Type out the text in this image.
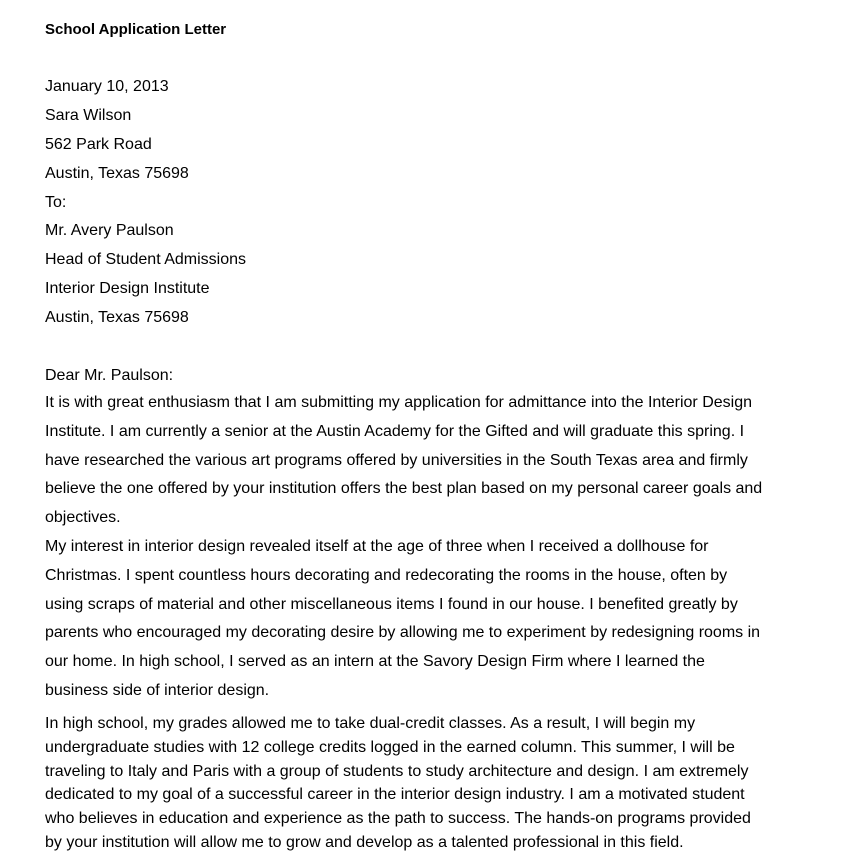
School Application Letter
January 10, 2013
Sara Wilson
562 Park Road
Austin, Texas 75698
To:
Mr. Avery Paulson
Head of Student Admissions
Interior Design Institute
Austin, Texas 75698
Dear Mr. Paulson:
It is with great enthusiasm that I am submitting my application for admittance into the Interior Design
Institute. I am currently a senior at the Austin Academy for the Gifted and will graduate this spring. I
have researched the various art programs offered by universities in the South Texas area and firmly
believe the one offered by your institution offers the best plan based on my personal career goals and
objectives.
My interest in interior design revealed itself at the age of three when I received a dollhouse for
Christmas. I spent countless hours decorating and redecorating the rooms in the house, often by
using scraps of material and other miscellaneous items I found in our house. I benefited greatly by
parents who encouraged my decorating desire by allowing me to experiment by redesigning rooms in
our home. In high school, I served as an intern at the Savory Design Firm where I learned the
business side of interior design.
In high school, my grades allowed me to take dual-credit classes. As a result, I will begin my
undergraduate studies with 12 college credits logged in the earned column. This summer, I will be
traveling to Italy and Paris with a group of students to study architecture and design. I am extremely
dedicated to my goal of a successful career in the interior design industry. I am a motivated student
who believes in education and experience as the path to success. The hands-on programs provided
by your institution will allow me to grow and develop as a talented professional in this field.
